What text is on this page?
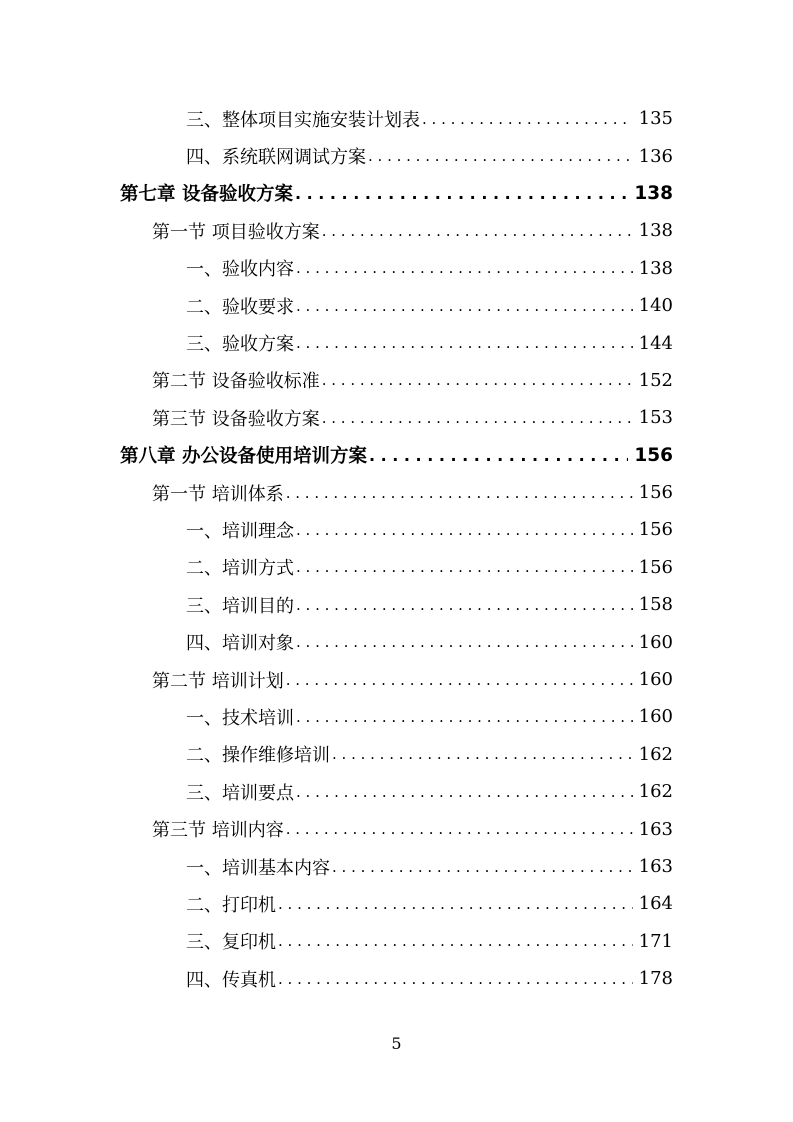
三、整体项目实施安装计划表 . . .	135
四、系统联网调试方案 . . .	136
第七章 设备验收方案 . . .	138
第一节 项目验收方案 . . .	138
一、验收内容 . . .	138
二、验收要求 . . .	140
三、验收方案 . . .	144
第二节 设备验收标准 . . .	152
第三节 设备验收方案 . . .	153
第八章 办公设备使用培训方案 . . .	156
第一节 培训体系 . . .	156
一、培训理念 . . .	156
二、培训方式 . . .	156
三、培训目的 . . .	158
四、培训对象 . . .	160
第二节 培训计划 . . .	160
一、技术培训 . . .	160
二、操作维修培训 . . .	162
三、培训要点 . . .	162
第三节 培训内容 . . .	163
一、培训基本内容 . . .	163
二、打印机 . . .	164
三、复印机 . . .	171
四、传真机 . . .	178
5
